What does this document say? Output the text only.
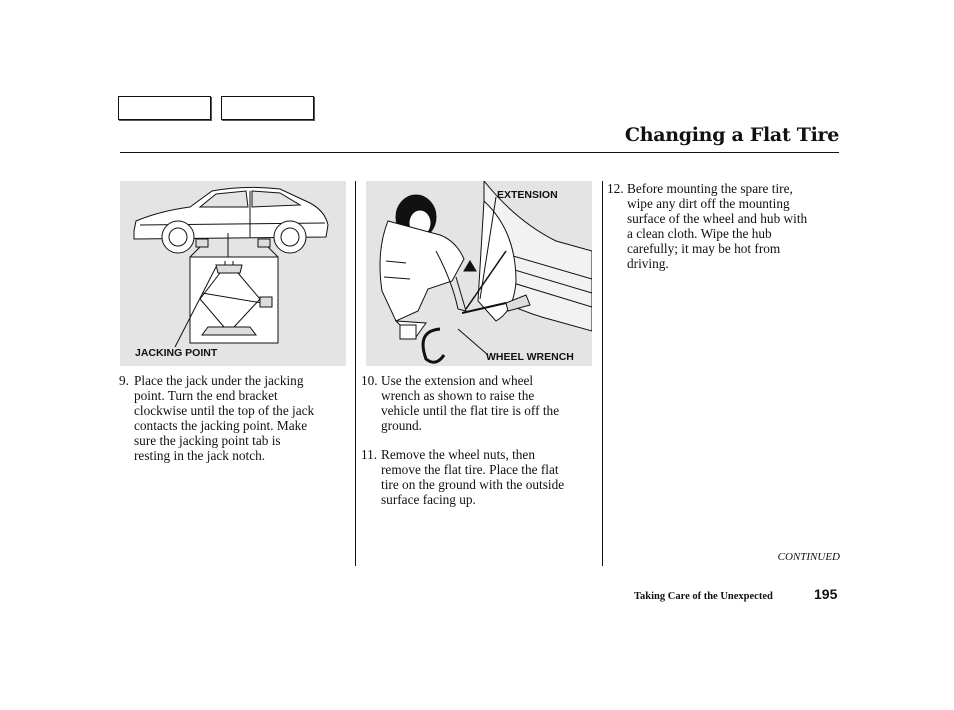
Changing a Flat Tire
JACKING POINT
EXTENSION
WHEEL WRENCH
9. Place the jack under the jacking
point. Turn the end bracket
clockwise until the top of the jack
contacts the jacking point. Make
sure the jacking point tab is
resting in the jack notch.
10. Use the extension and wheel
wrench as shown to raise the
vehicle until the flat tire is off the
ground.
11. Remove the wheel nuts, then
remove the flat tire. Place the flat
tire on the ground with the outside
surface facing up.
12. Before mounting the spare tire,
wipe any dirt off the mounting
surface of the wheel and hub with
a clean cloth. Wipe the hub
carefully; it may be hot from
driving.
CONTINUED
Taking Care of the Unexpected	195
